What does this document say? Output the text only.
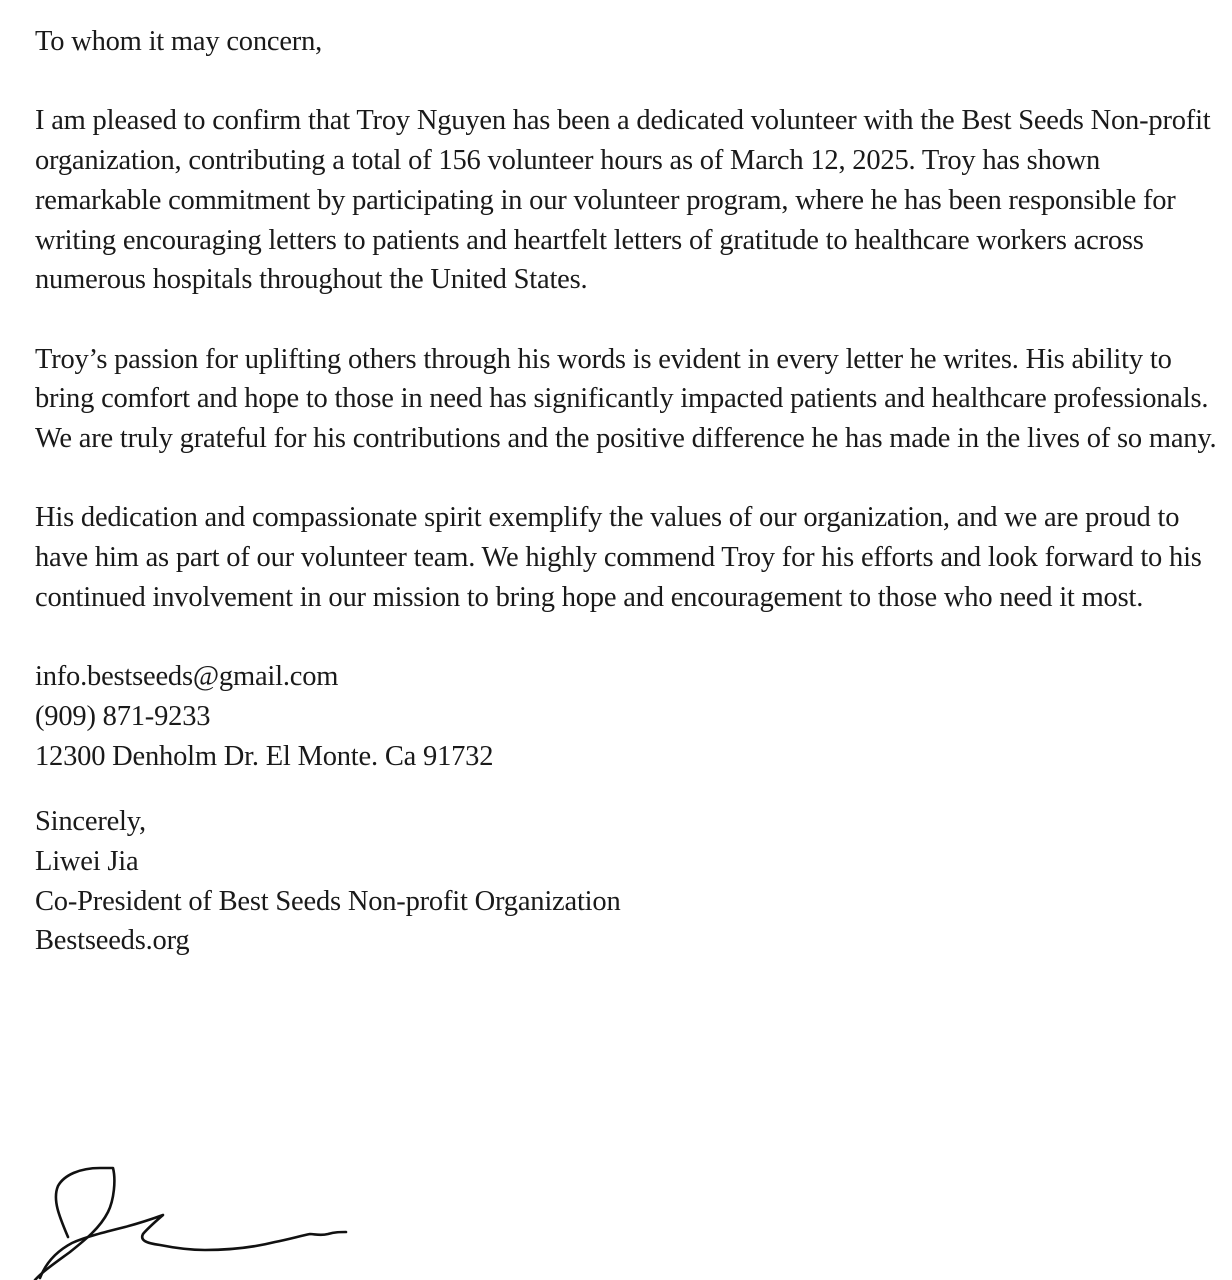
To whom it may concern,

I am pleased to confirm that Troy Nguyen has been a dedicated volunteer with the Best Seeds Non-profit organization, contributing a total of 156 volunteer hours as of March 12, 2025. Troy has shown remarkable commitment by participating in our volunteer program, where he has been responsible for writing encouraging letters to patients and heartfelt letters of gratitude to healthcare workers across numerous hospitals throughout the United States.

Troy’s passion for uplifting others through his words is evident in every letter he writes. His ability to bring comfort and hope to those in need has significantly impacted patients and healthcare professionals. We are truly grateful for his contributions and the positive difference he has made in the lives of so many.

His dedication and compassionate spirit exemplify the values of our organization, and we are proud to have him as part of our volunteer team. We highly commend Troy for his efforts and look forward to his continued involvement in our mission to bring hope and encouragement to those who need it most.

info.bestseeds@gmail.com
(909) 871-9233
12300 Denholm Dr. El Monte. Ca 91732
Sincerely,
Liwei Jia
Co-President of Best Seeds Non-profit Organization
Bestseeds.org
